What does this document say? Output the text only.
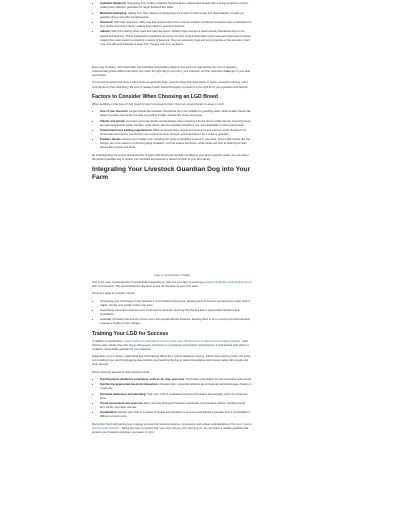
•
• Anatolian Shepherd: Originating from Turkey, Anatolian Shepherds are independent breeds with a strong protective instinct, making them effective guardians for larger livestock like cattle.
• Maremma Sheepdog: Hailing from Italy, Maremma Sheepdogs are known for their loyalty and dependability, excelling at guarding sheep and other small livestock.
• Kuvaszok: With their distinctive, fluffy coat that protects them from extreme weather conditions, Kuvaszok have a reputation for their gentle and caring nature, making them ideal for guarding livestock.
• Akbash: With their striking white coats and calm demeanor, Akbash dogs possess a quiet intensity that allows them to be patient and attentive. These independent guardians are known for their careful observation and measured responses to threats, making them well suited to protecting a variety of livestock. They are extremely loyal and very protective of the animals in their care, and will work tirelessly to keep their charges safe from predators.

Every dog is unique, with breed traits and individual personalities shaping how each one approaches the work of guarding. Understanding these differences helps you match the right dog to your farm, your livestock, and the particular challenges of your land and climate.

You should be aware that these LGD breeds are generally large, powerful dogs that need plenty of space, consistent training, and a commitment to their well-being. Be sure to research each breed thoroughly to ensure it is the right fit for your operation and lifestyle.

Factors to Consider When Choosing an LGD Breed

When deciding on the type of LGD breed for your homestead or farm, there are several factors to keep in mind:

• Size of your livestock: Larger breeds like Anatolian Shepherds are more suitable for guarding cattle, while smaller breeds like Great Pyrenees can handle the task of guarding smaller animals like sheep and goats.
• Climate and terrain: Consider your local climate and landscape when selecting a breed. Some LGDs, like the Great Pyrenees, are well-equipped for colder climates, while others, like the Anatolian Shepherd, are more adaptable to arid environments.
• Temperament and training requirements: Different breeds have varying temperaments and training needs. Research the breed traits and choose one that fits your experience level, lifestyle, and expectations for a working guardian.
• Predator threats: Assess your predator risk, including the types of predators present in your area. Some LGD breeds, like the Kangal, are more suited to confronting large predators, such as wolves and bears, while others are best at deterring smaller threats like coyotes and foxes.

By understanding the unique characteristics of each LGD breed and carefully considering your farm's specific needs, you can select the perfect guardian dog to protect your livestock and become a valued member of your farm family.

Integrating Your Livestock Guardian Dog into Your Farm
Image by Jeremy/Adobe / Pixabay

One of the most crucial aspects of successfully integrating an LGD into your farm is ensuring a proper introduction and bonding period with your livestock. This period helps the dog learn to see the livestock as part of its pack.

Some key steps to consider include:

• Introducing your LGD puppy to the livestock in a controlled environment, allowing them to become accustomed to each other's sights, sounds, and smells at their own pace.
• Supervising interactions between your LGD and the livestock, ensuring that the dog learns appropriate behaviors and boundaries.
• Gradually increasing the amount of time your LGD spends with the livestock, allowing them to form a strong bond and develop a sense of loyalty to their charges.
Training Your LGD for Success

In addition to socialization, proper training is essential for ensuring that your LGD becomes an effective and reliable guardian . Start training early, ideally when the dog is still a puppy, and focus on consistency and positive reinforcement. A well-trained LGD will be a confident, dependable guardian for your livestock.

Regardless of your choice, understand that LGD training differs from typical obedience training. Rather than teaching tricks, the focus is on building trust, reinforcing appropriate instincts, and teaching the dog to respect boundaries and interact safely with people and other animals.

Some important aspects of LGD training include:

• Teaching basic obedience commands, such as sit, stay, and come. This builds a foundation for communication and control.
• Reinforcing appropriate livestock interactions: Reward calm, respectful behavior around animals and discourage chasing or rough play.
• Perimeter awareness and patrolling: Train your LGD to understand property boundaries and regularly patrol the protected area.
• Threat assessment and response: Help your dog distinguish between real threats and harmless visitors, including family, farm hands, and other animals.
• Socialization: Expose your LGD to a variety of people and situations to ensure a well-adjusted guardian that is comfortable in different environments.

Remember that LGD training is an ongoing process that requires patience, consistency, and a clear understanding of the dog's natural instincts and behaviors . Taking the time to properly train your LGD will pay off in the long run, as you'll have a reliable guardian that protects your livestock and gives you peace of mind.
